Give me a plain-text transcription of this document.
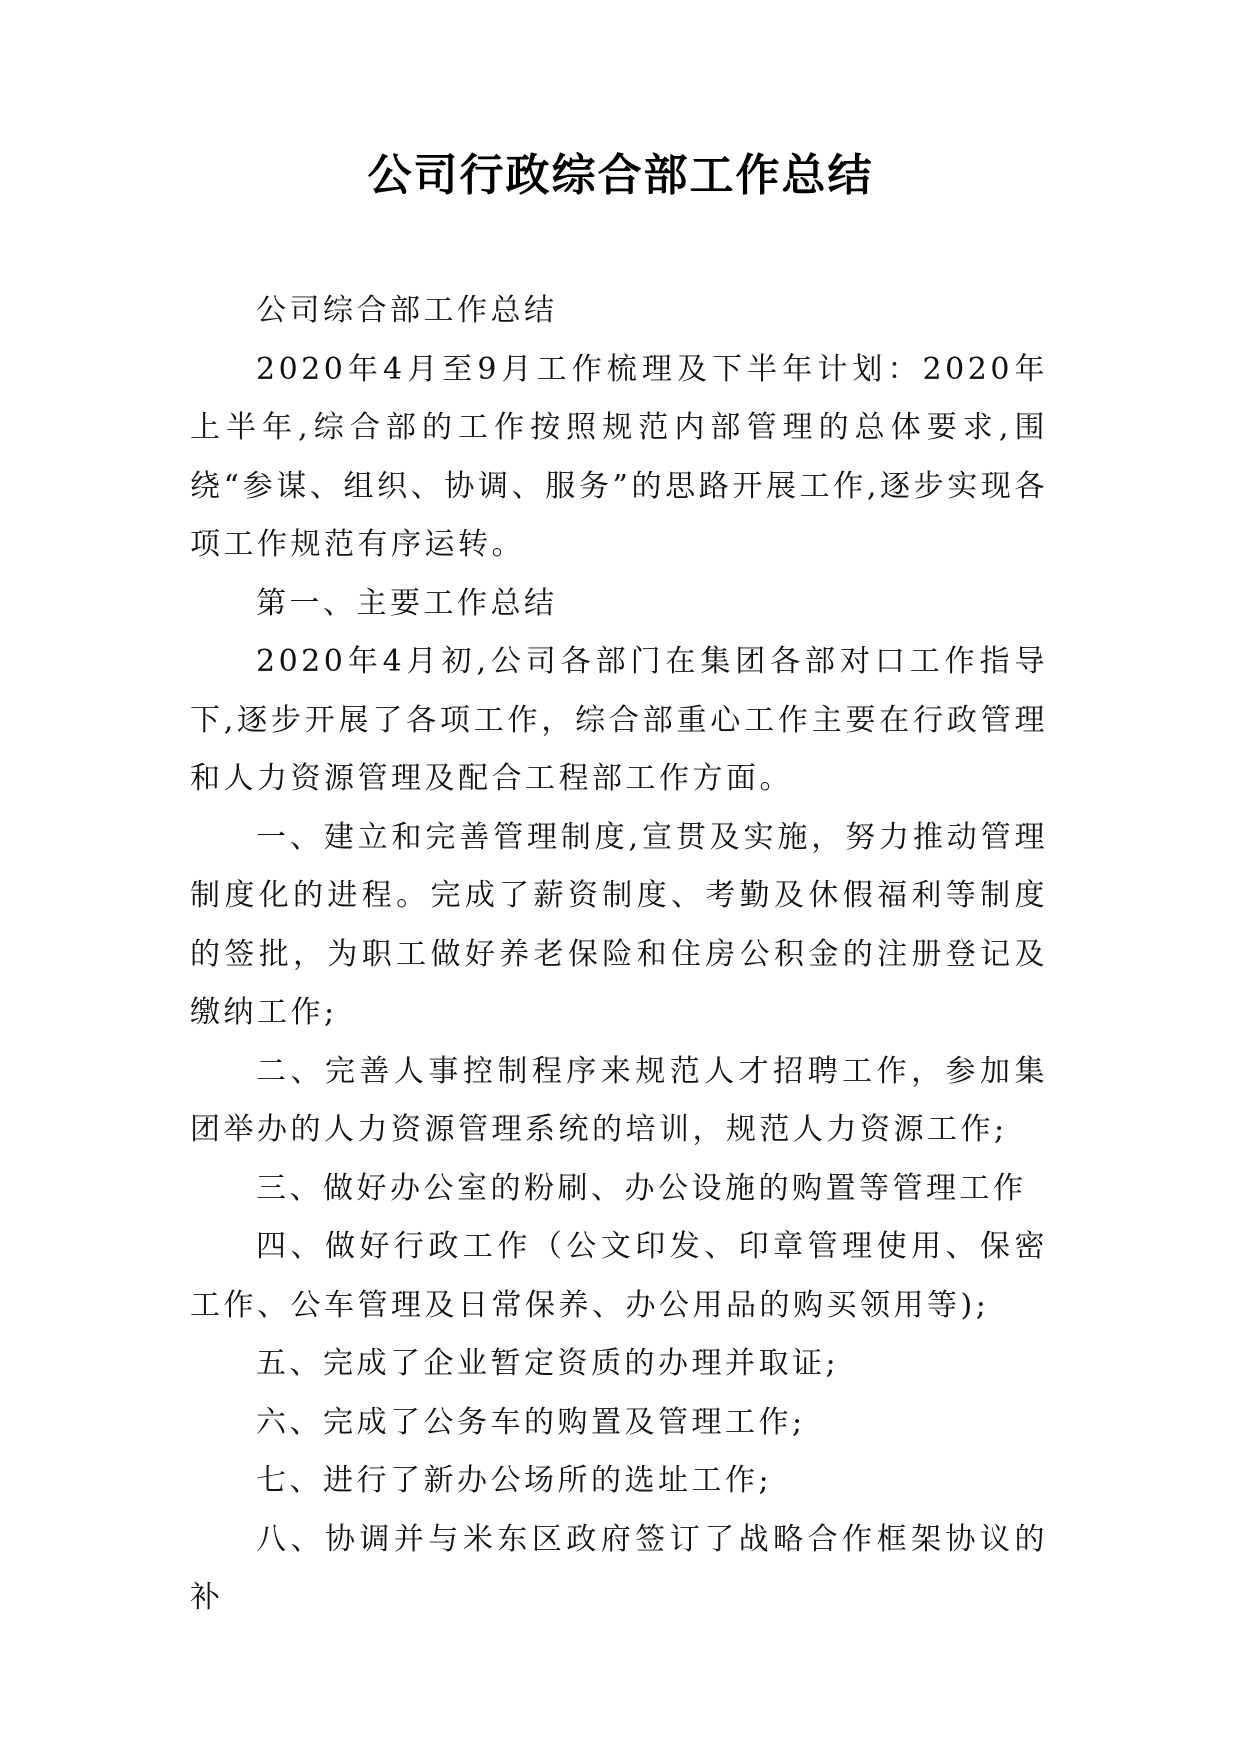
公司行政综合部工作总结

公司综合部工作总结

2020年4月至9月工作梳理及下半年计划：2020年上半年,综合部的工作按照规范内部管理的总体要求,围绕“参谋、组织、协调、服务”的思路开展工作,逐步实现各项工作规范有序运转。

第一、主要工作总结

2020年4月初,公司各部门在集团各部对口工作指导下,逐步开展了各项工作，综合部重心工作主要在行政管理和人力资源管理及配合工程部工作方面。

一、建立和完善管理制度,宣贯及实施，努力推动管理制度化的进程。完成了薪资制度、考勤及休假福利等制度的签批，为职工做好养老保险和住房公积金的注册登记及缴纳工作;

二、完善人事控制程序来规范人才招聘工作，参加集团举办的人力资源管理系统的培训，规范人力资源工作;

三、做好办公室的粉刷、办公设施的购置等管理工作

四、做好行政工作（公文印发、印章管理使用、保密工作、公车管理及日常保养、办公用品的购买领用等);

五、完成了企业暂定资质的办理并取证;

六、完成了公务车的购置及管理工作;

七、进行了新办公场所的选址工作;

八、协调并与米东区政府签订了战略合作框架协议的补
